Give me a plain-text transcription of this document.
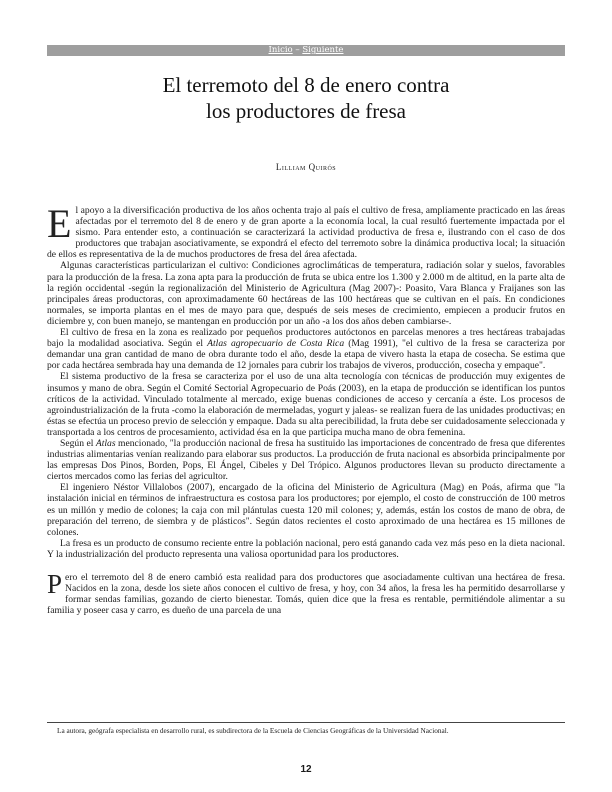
Inicio – Siguiente
El terremoto del 8 de enero contra
los productores de fresa
Lilliam Quirós

El apoyo a la diversificación productiva de los años ochenta trajo al país el cultivo de fresa, ampliamente practicado en las áreas afectadas por el terremoto del 8 de enero y de gran aporte a la economía local, la cual resultó fuertemente impactada por el sismo. Para entender esto, a continuación se caracterizará la actividad productiva de fresa e, ilustrando con el caso de dos productores que trabajan asociativamente, se expondrá el efecto del terremoto sobre la dinámica productiva local; la situación de ellos es representativa de la de muchos productores de fresa del área afectada.

Algunas características particularizan el cultivo: Condiciones agroclimáticas de temperatura, radiación solar y suelos, favorables para la producción de la fresa. La zona apta para la producción de fruta se ubica entre los 1.300 y 2.000 m de altitud, en la parte alta de la región occidental -según la regionalización del Ministerio de Agricultura (Mag 2007)-: Poasito, Vara Blanca y Fraijanes son las principales áreas productoras, con aproximadamente 60 hectáreas de las 100 hectáreas que se cultivan en el país. En condiciones normales, se importa plantas en el mes de mayo para que, después de seis meses de crecimiento, empiecen a producir frutos en diciembre y, con buen manejo, se mantengan en producción por un año -a los dos años deben cambiarse-.

El cultivo de fresa en la zona es realizado por pequeños productores autóctonos en parcelas menores a tres hectáreas trabajadas bajo la modalidad asociativa. Según el Atlas agropecuario de Costa Rica (Mag 1991), "el cultivo de la fresa se caracteriza por demandar una gran cantidad de mano de obra durante todo el año, desde la etapa de vivero hasta la etapa de cosecha. Se estima que por cada hectárea sembrada hay una demanda de 12 jornales para cubrir los trabajos de viveros, producción, cosecha y empaque".

El sistema productivo de la fresa se caracteriza por el uso de una alta tecnología con técnicas de producción muy exigentes de insumos y mano de obra. Según el Comité Sectorial Agropecuario de Poás (2003), en la etapa de producción se identifican los puntos críticos de la actividad. Vinculado totalmente al mercado, exige buenas condiciones de acceso y cercanía a éste. Los procesos de agroindustrialización de la fruta -como la elaboración de mermeladas, yogurt y jaleas- se realizan fuera de las unidades productivas; en éstas se efectúa un proceso previo de selección y empaque. Dada su alta perecibilidad, la fruta debe ser cuidadosamente seleccionada y transportada a los centros de procesamiento, actividad ésa en la que participa mucha mano de obra femenina.

Según el Atlas mencionado, "la producción nacional de fresa ha sustituido las importaciones de concentrado de fresa que diferentes industrias alimentarias venían realizando para elaborar sus productos. La producción de fruta nacional es absorbida principalmente por las empresas Dos Pinos, Borden, Pops, El Ángel, Cibeles y Del Trópico. Algunos productores llevan su producto directamente a ciertos mercados como las ferias del agricultor.

El ingeniero Néstor Villalobos (2007), encargado de la oficina del Ministerio de Agricultura (Mag) en Poás, afirma que "la instalación inicial en términos de infraestructura es costosa para los productores; por ejemplo, el costo de construcción de 100 metros es un millón y medio de colones; la caja con mil plántulas cuesta 120 mil colones; y, además, están los costos de mano de obra, de preparación del terreno, de siembra y de plásticos". Según datos recientes el costo aproximado de una hectárea es 15 millones de colones.

La fresa es un producto de consumo reciente entre la población nacional, pero está ganando cada vez más peso en la dieta nacional. Y la industrialización del producto representa una valiosa oportunidad para los productores.

Pero el terremoto del 8 de enero cambió esta realidad para dos productores que asociadamente cultivan una hectárea de fresa. Nacidos en la zona, desde los siete años conocen el cultivo de fresa, y hoy, con 34 años, la fresa les ha permitido desarrollarse y formar sendas familias, gozando de cierto bienestar. Tomás, quien dice que la fresa es rentable, permitiéndole alimentar a su familia y poseer casa y carro, es dueño de una parcela de una

La autora, geógrafa especialista en desarrollo rural, es subdirectora de la Escuela de Ciencias Geográficas de la Universidad Nacional.
12
